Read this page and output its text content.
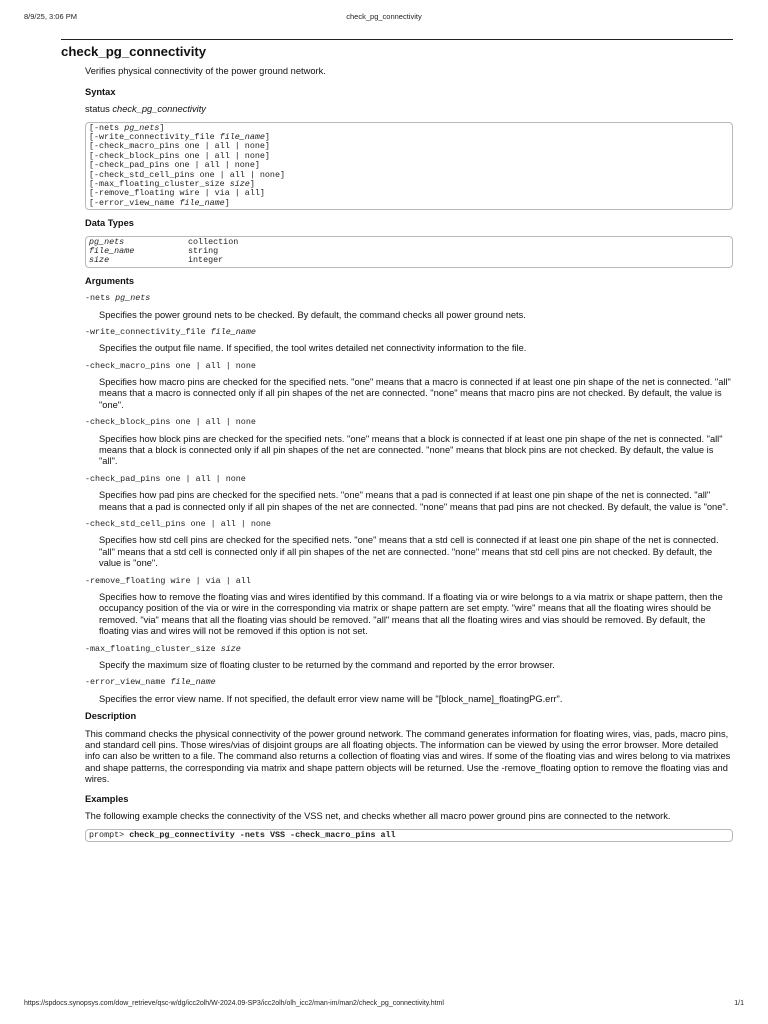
8/9/25, 3:06 PM	check_pg_connectivity
check_pg_connectivity

Verifies physical connectivity of the power ground network.

Syntax

status check_pg_connectivity

[-nets pg_nets]
[-write_connectivity_file file_name]
[-check_macro_pins one | all | none]
[-check_block_pins one | all | none]
[-check_pad_pins one | all | none]
[-check_std_cell_pins one | all | none]
[-max_floating_cluster_size size]
[-remove_floating wire | via | all]
[-error_view_name file_name]
Data Types
pg_nets	collection
file_name	string
size	integer
Arguments
-nets pg_nets

Specifies the power ground nets to be checked. By default, the command checks all power ground nets.

-write_connectivity_file file_name

Specifies the output file name. If specified, the tool writes detailed net connectivity information to the file.

-check_macro_pins one | all | none

Specifies how macro pins are checked for the specified nets. "one" means that a macro is connected if at least one pin shape of the net is connected. "all" means that a macro is connected only if all pin shapes of the net are connected. "none" means that macro pins are not checked. By default, the value is "one".

-check_block_pins one | all | none

Specifies how block pins are checked for the specified nets. "one" means that a block is connected if at least one pin shape of the net is connected. "all" means that a block is connected only if all pin shapes of the net are connected. "none" means that block pins are not checked. By default, the value is "all".

-check_pad_pins one | all | none

Specifies how pad pins are checked for the specified nets. "one" means that a pad is connected if at least one pin shape of the net is connected. "all" means that a pad is connected only if all pin shapes of the net are connected. "none" means that pad pins are not checked. By default, the value is "one".

-check_std_cell_pins one | all | none

Specifies how std cell pins are checked for the specified nets. "one" means that a std cell is connected if at least one pin shape of the net is connected. "all" means that a std cell is connected only if all pin shapes of the net are connected. "none" means that std cell pins are not checked. By default, the value is "one".

-remove_floating wire | via | all

Specifies how to remove the floating vias and wires identified by this command. If a floating via or wire belongs to a via matrix or shape pattern, then the occupancy position of the via or wire in the corresponding via matrix or shape pattern are set empty. "wire" means that all the floating wires should be removed. "via" means that all the floating vias should be removed. "all" means that all the floating wires and vias should be removed. By default, the floating vias and wires will not be removed if this option is not set.

-max_floating_cluster_size size

Specify the maximum size of floating cluster to be returned by the command and reported by the error browser.

-error_view_name file_name

Specifies the error view name. If not specified, the default error view name will be "[block_name]_floatingPG.err".

Description

This command checks the physical connectivity of the power ground network. The command generates information for floating wires, vias, pads, macro pins, and standard cell pins. Those wires/vias of disjoint groups are all floating objects. The information can be viewed by using the error browser. More detailed info can also be written to a file. The command also returns a collection of floating vias and wires. If some of the floating vias and wires belong to via matrixes and shape patterns, the corresponding via matrix and shape pattern objects will be returned. Use the -remove_floating option to remove the floating vias and wires.

Examples

The following example checks the connectivity of the VSS net, and checks whether all macro power ground pins are connected to the network.

prompt> check_pg_connectivity -nets VSS -check_macro_pins all
https://spdocs.synopsys.com/dow_retrieve/qsc-w/dg/icc2olh/W-2024.09-SP3/icc2olh/olh_icc2/man-im/man2/check_pg_connectivity.html	1/1
